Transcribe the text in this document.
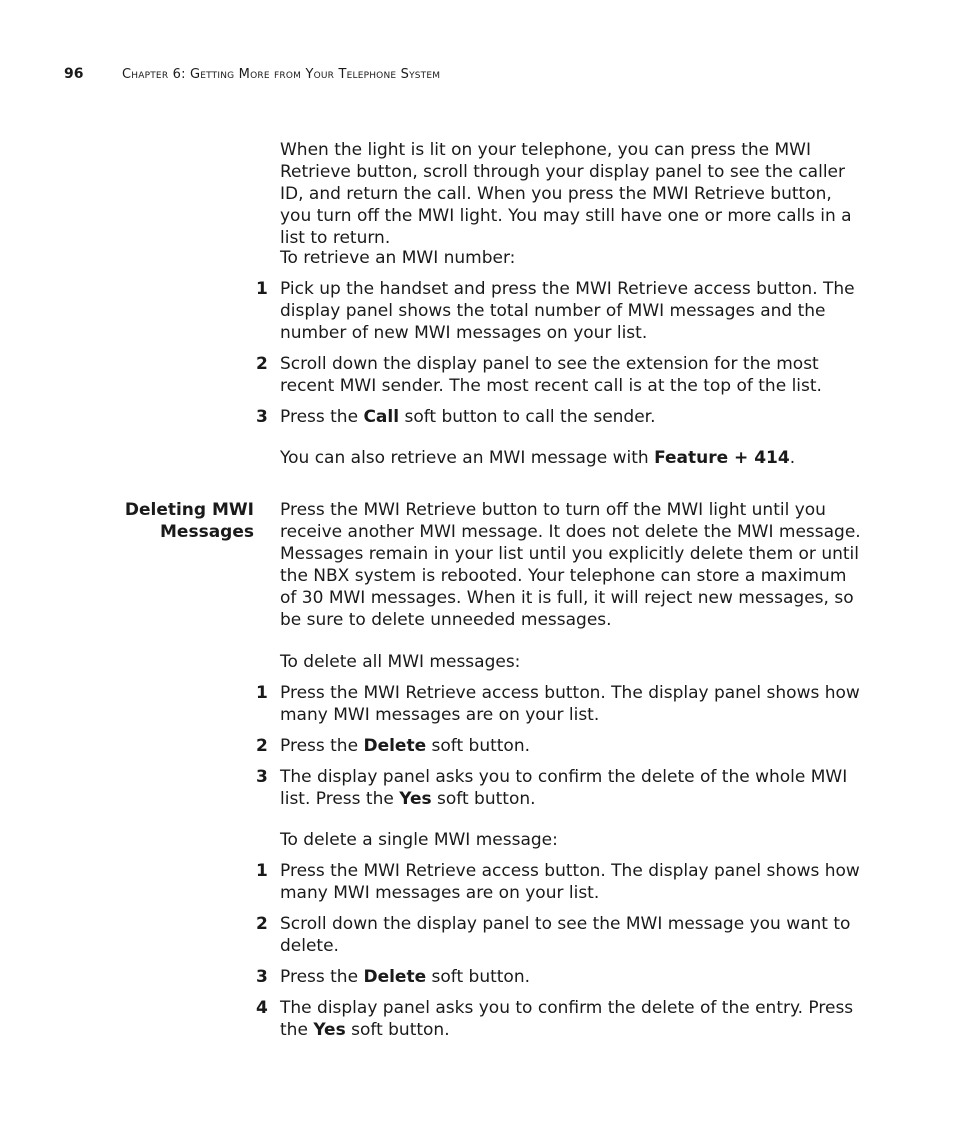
96	Chapter 6: Getting More from Your Telephone System

When the light is lit on your telephone, you can press the MWI Retrieve button, scroll through your display panel to see the caller ID, and return the call. When you press the MWI Retrieve button, you turn off the MWI light. You may still have one or more calls in a list to return.

To retrieve an MWI number:

1 Pick up the handset and press the MWI Retrieve access button. The display panel shows the total number of MWI messages and the number of new MWI messages on your list.

2 Scroll down the display panel to see the extension for the most recent MWI sender. The most recent call is at the top of the list.

3 Press the Call soft button to call the sender.

You can also retrieve an MWI message with Feature + 414.

Deleting MWI
Messages

Press the MWI Retrieve button to turn off the MWI light until you receive another MWI message. It does not delete the MWI message. Messages remain in your list until you explicitly delete them or until the NBX system is rebooted. Your telephone can store a maximum of 30 MWI messages. When it is full, it will reject new messages, so be sure to delete unneeded messages.

To delete all MWI messages:

1 Press the MWI Retrieve access button. The display panel shows how many MWI messages are on your list.

2 Press the Delete soft button.

3 The display panel asks you to confirm the delete of the whole MWI list. Press the Yes soft button.

To delete a single MWI message:

1 Press the MWI Retrieve access button. The display panel shows how many MWI messages are on your list.

2 Scroll down the display panel to see the MWI message you want to delete.

3 Press the Delete soft button.

4 The display panel asks you to confirm the delete of the entry. Press the Yes soft button.
